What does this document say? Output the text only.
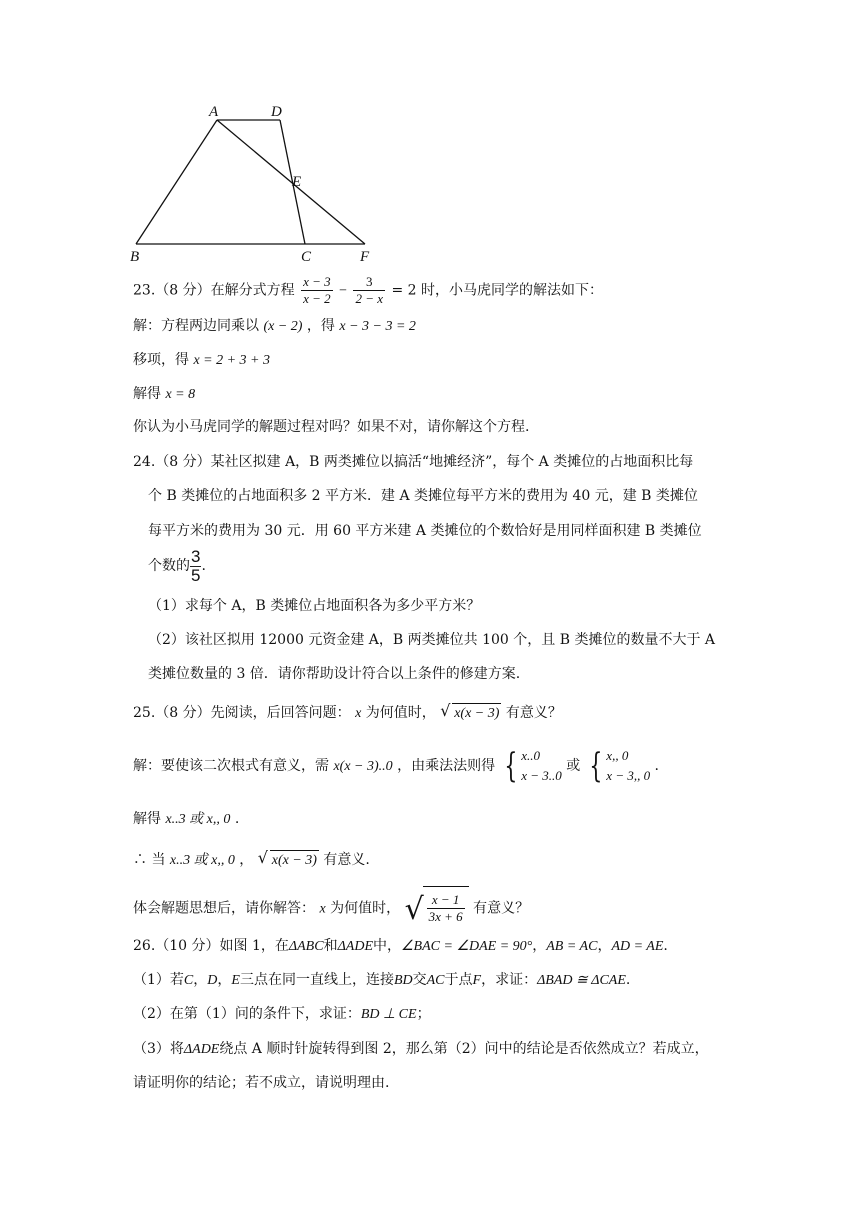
A	D
E
B	C	F
23.（8 分）在解分式方程 $\frac{x - 3}{x - 2} - \frac{3}{2 - x} = 2$ 时，小马虎同学的解法如下：
解：方程两边同乘以 (x − 2) ，得 x − 3 − 3 = 2
移项，得 x = 2 + 3 + 3
解得 x = 8
你认为小马虎同学的解题过程对吗？如果不对，请你解这个方程.
24.（8 分）某社区拟建 A，B 两类摊位以搞活“地摊经济”，每个 A 类摊位的占地面积比每
个 B 类摊位的占地面积多 2 平方米．建 A 类摊位每平方米的费用为 40 元，建 B 类摊位
每平方米的费用为 30 元．用 60 平方米建 A 类摊位的个数恰好是用同样面积建 B 类摊位
个数的 $\frac{3}{5}$ .
（1）求每个 A，B 类摊位占地面积各为多少平方米？
（2）该社区拟用 12000 元资金建 A，B 两类摊位共 100 个，且 B 类摊位的数量不大于 A
类摊位数量的 3 倍．请你帮助设计符合以上条件的修建方案.
25.（8 分）先阅读，后回答问题： x 为何值时， √ x(x − 3) 有意义？
解：要使该二次根式有意义，需 x(x − 3)..0 ，由乘法法则得 { x..0
x − 3..0
或 { x,, 0
x − 3,, 0
.
解得 x..3 或 x,, 0 .
∴ 当 x..3 或 x,, 0 ， √ x(x − 3) 有意义.
体会解题思想后，请你解答： x 为何值时， √ $\frac{x - 1}{3x + 6}$ 有意义？
26.（10 分）如图 1，在ΔABC和ΔADE中，∠BAC = ∠DAE = 90°，AB = AC，AD = AE.
（1）若C，D，E三点在同一直线上，连接BD交AC于点F，求证：ΔBAD ≅ ΔCAE.
（2）在第（1）问的条件下，求证：BD ⊥ CE；
（3）将ΔADE绕点 A 顺时针旋转得到图 2，那么第（2）问中的结论是否依然成立？若成立，
请证明你的结论；若不成立，请说明理由.
